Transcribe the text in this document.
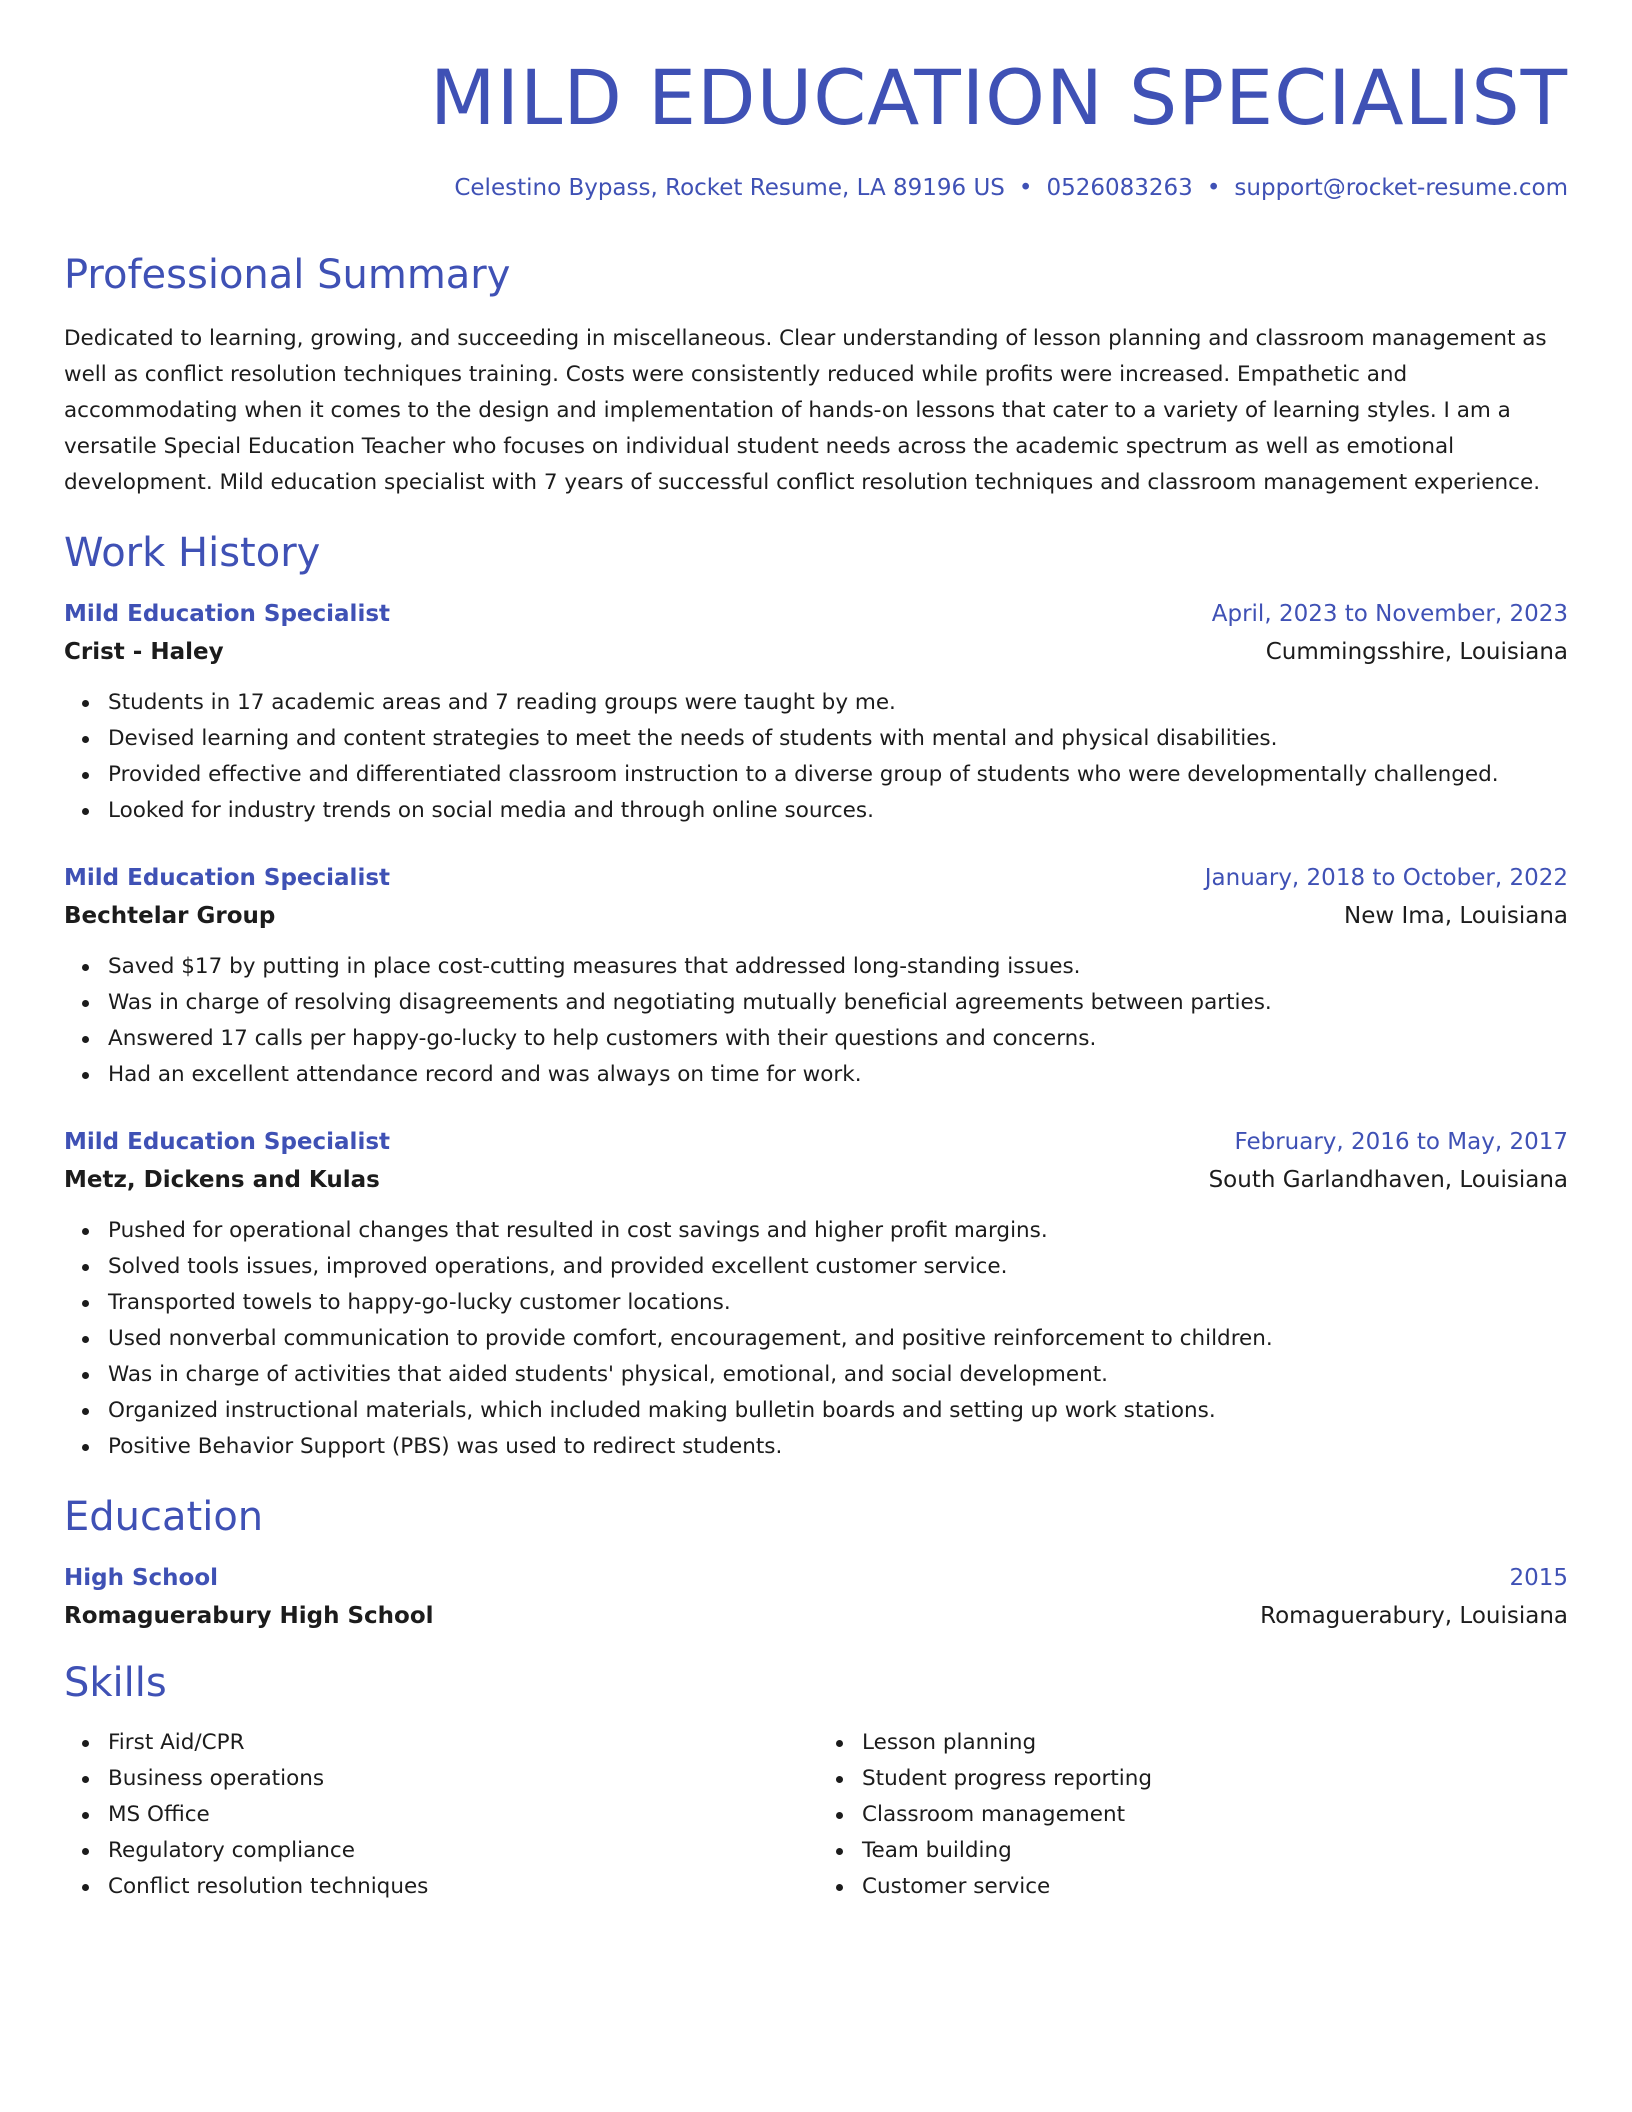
MILD EDUCATION SPECIALIST
Celestino Bypass, Rocket Resume, LA 89196 US • 0526083263 • support@rocket-resume.com
Professional Summary
Dedicated to learning, growing, and succeeding in miscellaneous. Clear understanding of lesson planning and classroom management as well as conflict resolution techniques training. Costs were consistently reduced while profits were increased. Empathetic and accommodating when it comes to the design and implementation of hands-on lessons that cater to a variety of learning styles. I am a versatile Special Education Teacher who focuses on individual student needs across the academic spectrum as well as emotional development. Mild education specialist with 7 years of successful conflict resolution techniques and classroom management experience.
Work History
Mild Education Specialist	April, 2023 to November, 2023
Crist - Haley	Cummingsshire, Louisiana
Students in 17 academic areas and 7 reading groups were taught by me.
Devised learning and content strategies to meet the needs of students with mental and physical disabilities.
Provided effective and differentiated classroom instruction to a diverse group of students who were developmentally challenged.
Looked for industry trends on social media and through online sources.
Mild Education Specialist	January, 2018 to October, 2022
Bechtelar Group	New Ima, Louisiana
Saved $17 by putting in place cost-cutting measures that addressed long-standing issues.
Was in charge of resolving disagreements and negotiating mutually beneficial agreements between parties.
Answered 17 calls per happy-go-lucky to help customers with their questions and concerns.
Had an excellent attendance record and was always on time for work.
Mild Education Specialist	February, 2016 to May, 2017
Metz, Dickens and Kulas	South Garlandhaven, Louisiana
Pushed for operational changes that resulted in cost savings and higher profit margins.
Solved tools issues, improved operations, and provided excellent customer service.
Transported towels to happy-go-lucky customer locations.
Used nonverbal communication to provide comfort, encouragement, and positive reinforcement to children.
Was in charge of activities that aided students' physical, emotional, and social development.
Organized instructional materials, which included making bulletin boards and setting up work stations.
Positive Behavior Support (PBS) was used to redirect students.
Education
High School	2015
Romaguerabury High School	Romaguerabury, Louisiana
Skills
First Aid/CPR
Business operations
MS Office
Regulatory compliance
Conflict resolution techniques
Lesson planning
Student progress reporting
Classroom management
Team building
Customer service
